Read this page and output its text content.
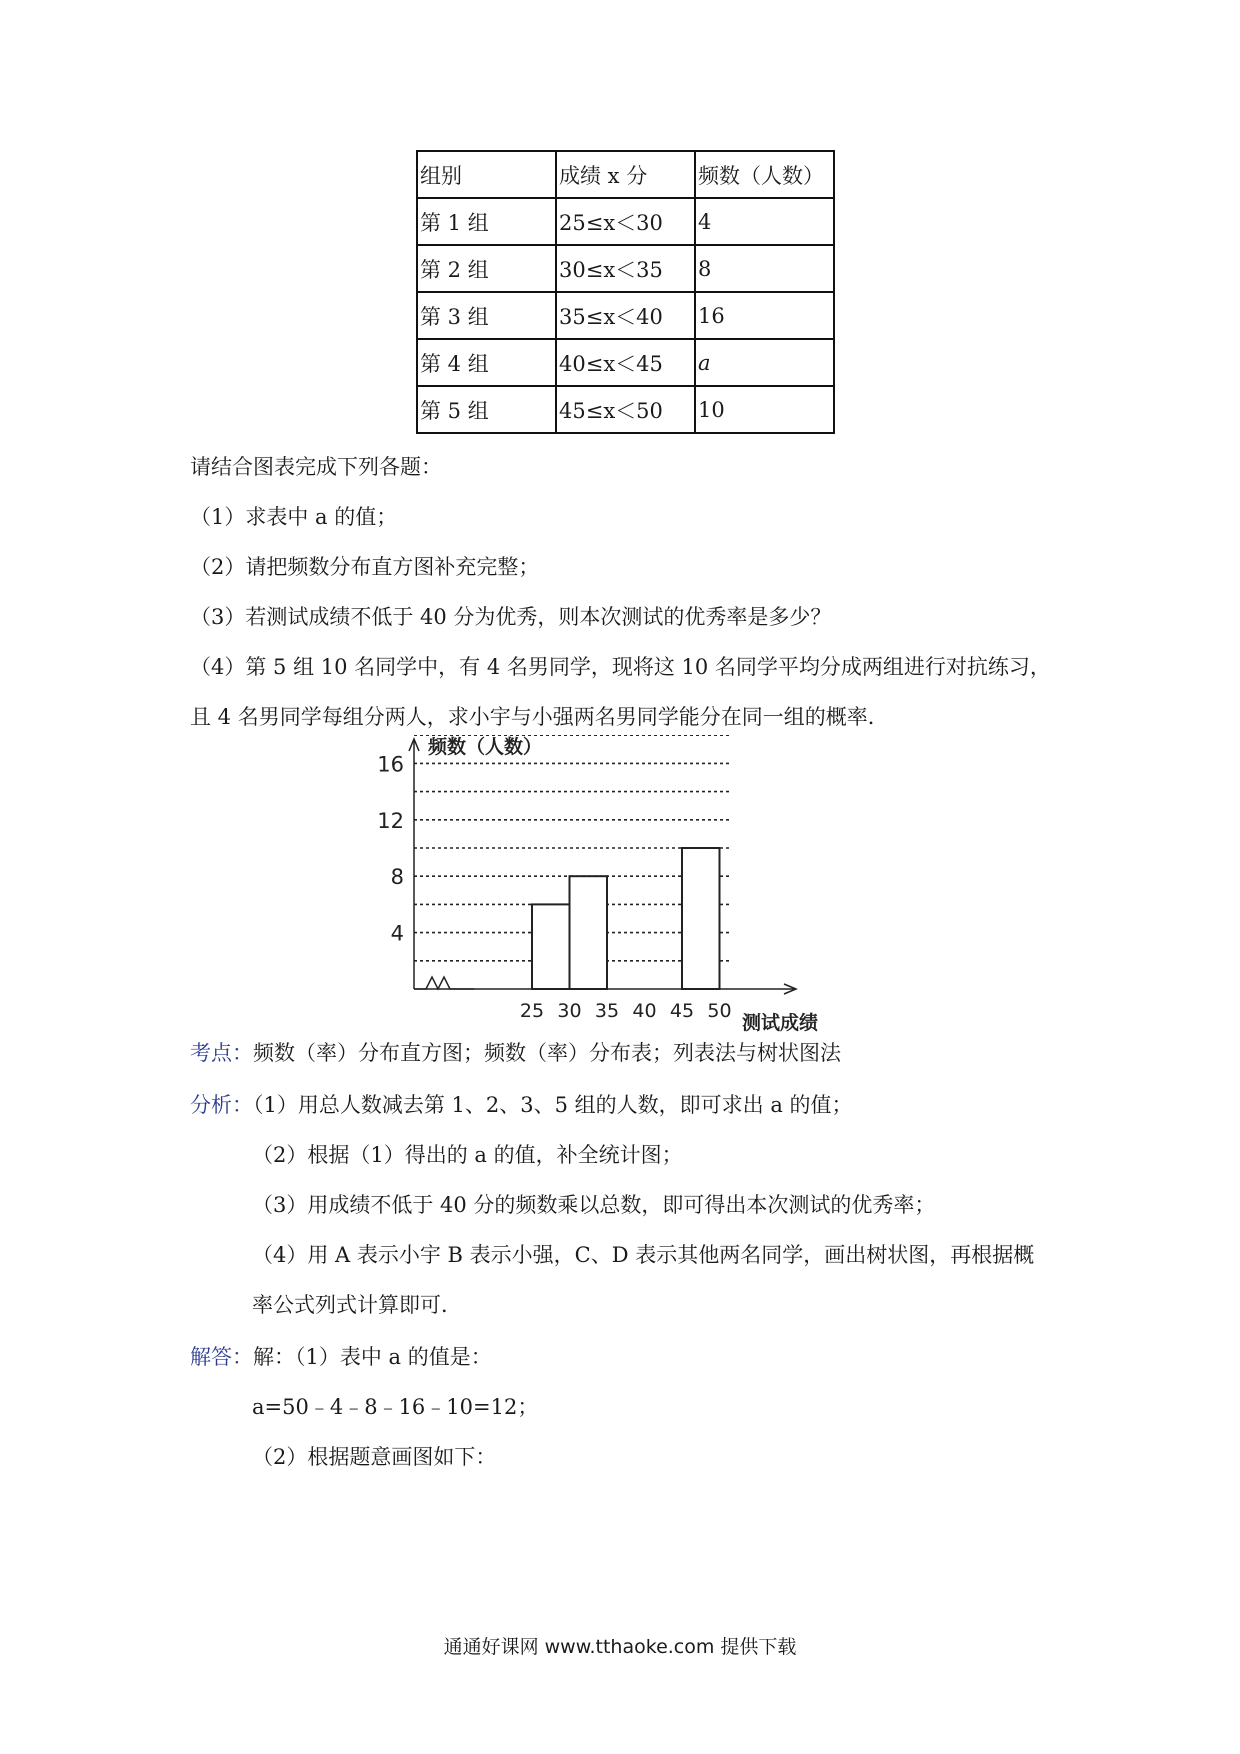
组别	成绩 x 分	频数（人数）
第 1 组	25≤x＜30	4
第 2 组	30≤x＜35	8
第 3 组	35≤x＜40	16
第 4 组	40≤x＜45	a
第 5 组	45≤x＜50	10
请结合图表完成下列各题：
（1）求表中 a 的值；
（2）请把频数分布直方图补充完整；
（3）若测试成绩不低于 40 分为优秀，则本次测试的优秀率是多少？
（4）第 5 组 10 名同学中，有 4 名男同学，现将这 10 名同学平均分成两组进行对抗练习，
且 4 名男同学每组分两人，求小宇与小强两名男同学能分在同一组的概率．
4
8
12
16
25 30 35 40 45 50
频数（人数）
测试成绩
考点：频数（率）分布直方图；频数（率）分布表；列表法与树状图法
分析：（1）用总人数减去第 1、2、3、5 组的人数，即可求出 a 的值；
（2）根据（1）得出的 a 的值，补全统计图；
（3）用成绩不低于 40 分的频数乘以总数，即可得出本次测试的优秀率；
（4）用 A 表示小宇 B 表示小强，C、D 表示其他两名同学，画出树状图，再根据概
率公式列式计算即可．
解答：解：（1）表中 a 的值是：
a=50﹣4﹣8﹣16﹣10=12；
（2）根据题意画图如下：
通通好课网 www.tthaoke.com 提供下载
